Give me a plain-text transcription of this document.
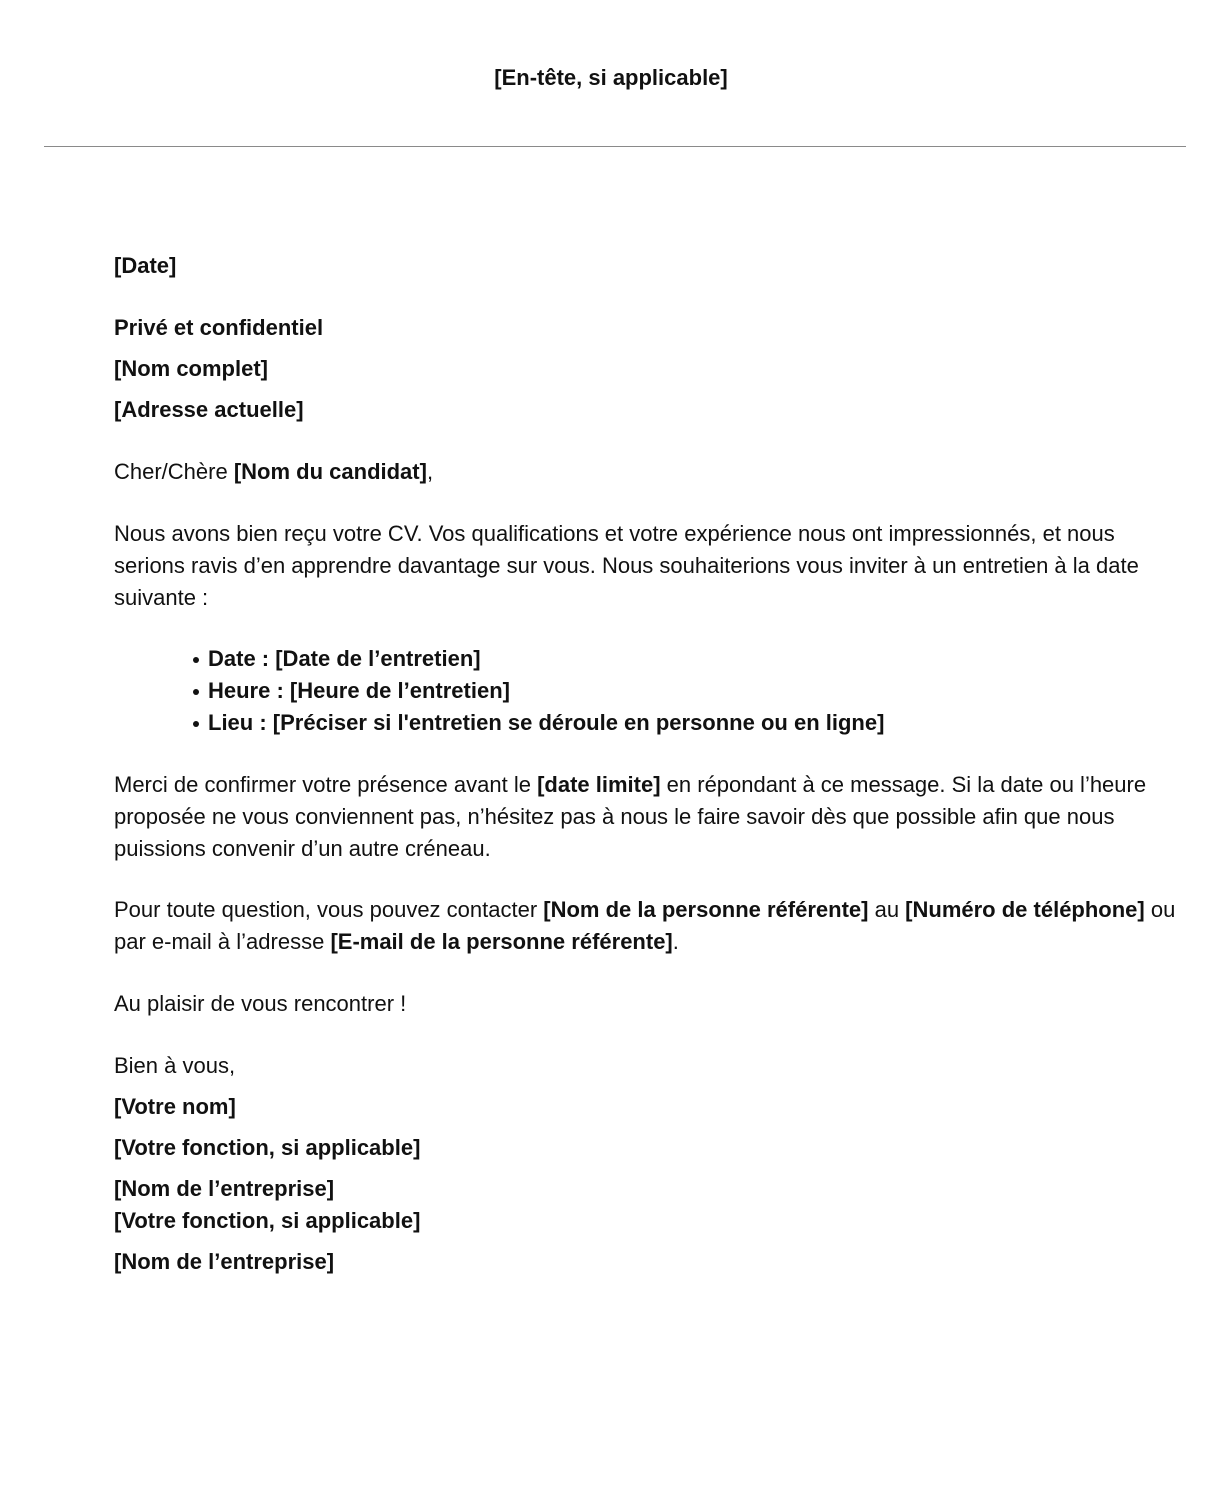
[En-tête, si applicable]

[Date]

Privé et confidentiel

[Nom complet]

[Adresse actuelle]

Cher/Chère [Nom du candidat],

Nous avons bien reçu votre CV. Vos qualifications et votre expérience nous ont impressionnés, et nous serions ravis d’en apprendre davantage sur vous. Nous souhaiterions vous inviter à un entretien à la date suivante :

Date : [Date de l’entretien]
Heure : [Heure de l’entretien]
Lieu : [Préciser si l'entretien se déroule en personne ou en ligne]

Merci de confirmer votre présence avant le [date limite] en répondant à ce message. Si la date ou l’heure proposée ne vous conviennent pas, n’hésitez pas à nous le faire savoir dès que possible afin que nous puissions convenir d’un autre créneau.

Pour toute question, vous pouvez contacter [Nom de la personne référente] au [Numéro de téléphone] ou par e-mail à l’adresse [E-mail de la personne référente].

Au plaisir de vous rencontrer !

Bien à vous,

[Votre nom]

[Votre fonction, si applicable]

[Nom de l’entreprise]

[Votre fonction, si applicable]

[Nom de l’entreprise]
